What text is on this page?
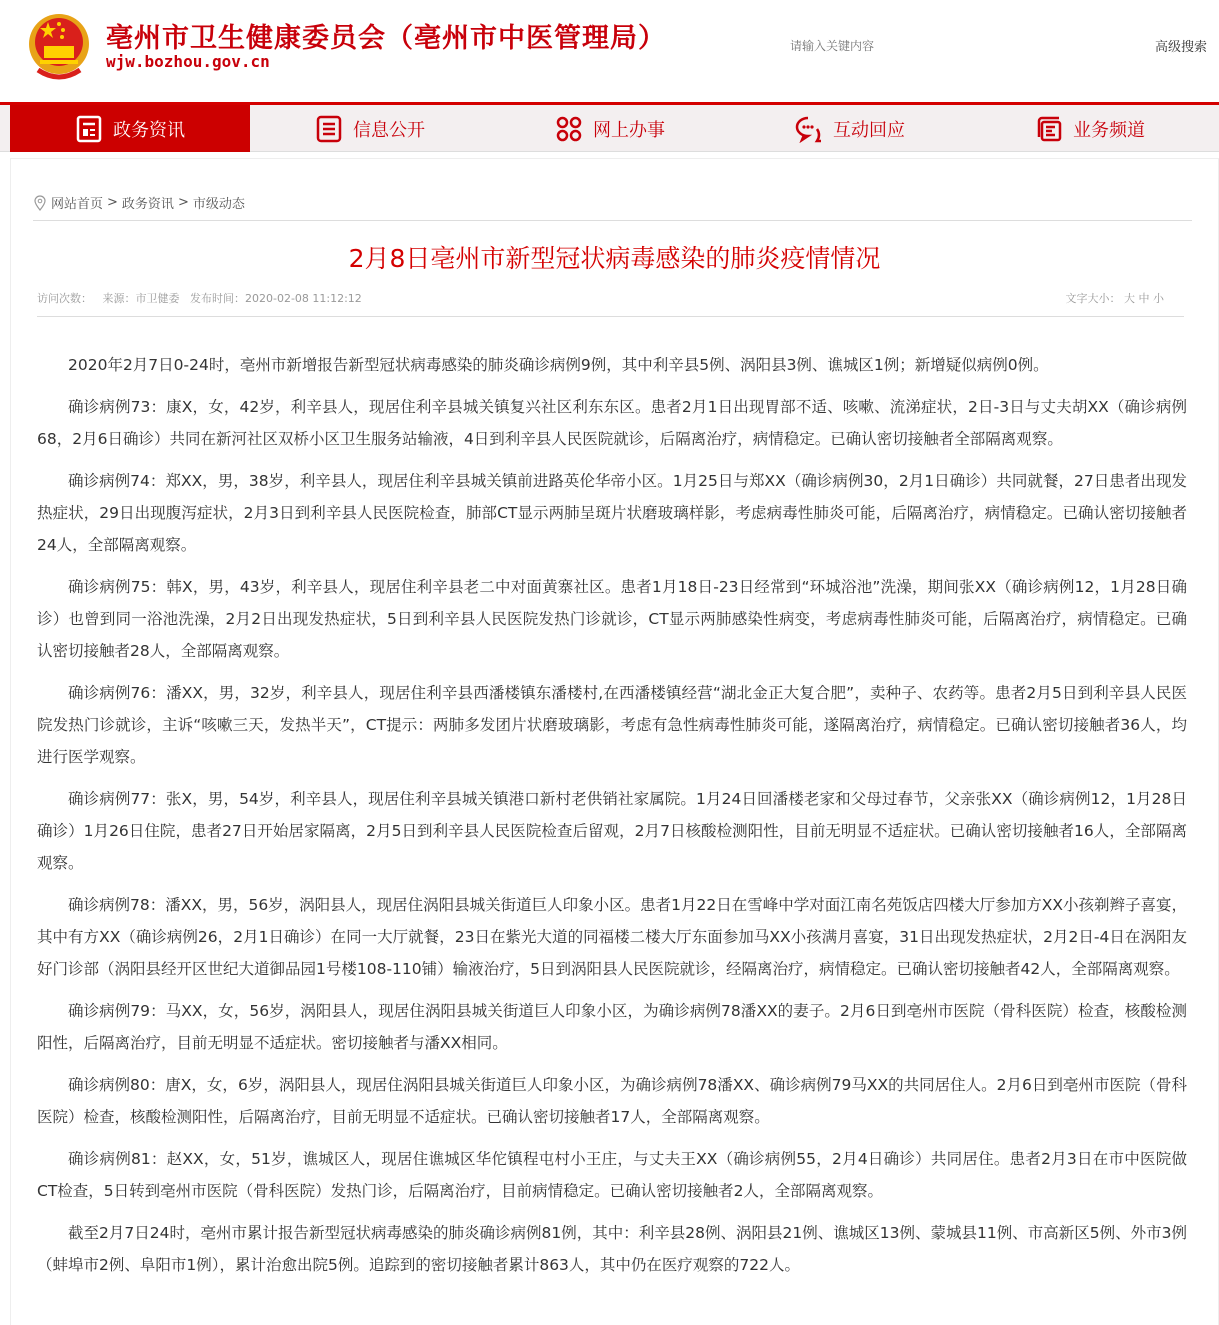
亳州市卫生健康委员会（亳州市中医管理局）
wjw.bozhou.gov.cn
请输入关键内容
高级搜索
政务资讯	信息公开	网上办事	互动回应	业务频道
网站首页 > 政务资讯 > 市级动态
2月8日亳州市新型冠状病毒感染的肺炎疫情情况
访问次数：   来源：市卫健委   发布时间：2020-02-08 11:12:12	文字大小： 大 中 小

2020年2月7日0-24时，亳州市新增报告新型冠状病毒感染的肺炎确诊病例9例，其中利辛县5例、涡阳县3例、谯城区1例；新增疑似病例0例。

确诊病例73：康X，女，42岁，利辛县人，现居住利辛县城关镇复兴社区利东东区。患者2月1日出现胃部不适、咳嗽、流涕症状，2日-3日与丈夫胡XX（确诊病例68，2月6日确诊）共同在新河社区双桥小区卫生服务站输液，4日到利辛县人民医院就诊，后隔离治疗，病情稳定。已确认密切接触者全部隔离观察。

确诊病例74：郑XX，男，38岁，利辛县人，现居住利辛县城关镇前进路英伦华帝小区。1月25日与郑XX（确诊病例30，2月1日确诊）共同就餐，27日患者出现发热症状，29日出现腹泻症状，2月3日到利辛县人民医院检查，肺部CT显示两肺呈斑片状磨玻璃样影，考虑病毒性肺炎可能，后隔离治疗，病情稳定。已确认密切接触者24人，全部隔离观察。

确诊病例75：韩X，男，43岁，利辛县人，现居住利辛县老二中对面黄寨社区。患者1月18日-23日经常到“环城浴池”洗澡，期间张XX（确诊病例12，1月28日确诊）也曾到同一浴池洗澡，2月2日出现发热症状，5日到利辛县人民医院发热门诊就诊，CT显示两肺感染性病变，考虑病毒性肺炎可能，后隔离治疗，病情稳定。已确认密切接触者28人，全部隔离观察。

确诊病例76：潘XX，男，32岁，利辛县人，现居住利辛县西潘楼镇东潘楼村,在西潘楼镇经营“湖北金正大复合肥”，卖种子、农药等。患者2月5日到利辛县人民医院发热门诊就诊，主诉“咳嗽三天，发热半天”，CT提示：两肺多发团片状磨玻璃影，考虑有急性病毒性肺炎可能，遂隔离治疗，病情稳定。已确认密切接触者36人，均进行医学观察。

确诊病例77：张X，男，54岁，利辛县人，现居住利辛县城关镇港口新村老供销社家属院。1月24日回潘楼老家和父母过春节，父亲张XX（确诊病例12，1月28日确诊）1月26日住院，患者27日开始居家隔离，2月5日到利辛县人民医院检查后留观，2月7日核酸检测阳性，目前无明显不适症状。已确认密切接触者16人，全部隔离观察。

确诊病例78：潘XX，男，56岁，涡阳县人，现居住涡阳县城关街道巨人印象小区。患者1月22日在雪峰中学对面江南名苑饭店四楼大厅参加方XX小孩剃辫子喜宴，其中有方XX（确诊病例26，2月1日确诊）在同一大厅就餐，23日在紫光大道的同福楼二楼大厅东面参加马XX小孩满月喜宴，31日出现发热症状，2月2日-4日在涡阳友好门诊部（涡阳县经开区世纪大道御品园1号楼108-110铺）输液治疗，5日到涡阳县人民医院就诊，经隔离治疗，病情稳定。已确认密切接触者42人，全部隔离观察。

确诊病例79：马XX，女，56岁，涡阳县人，现居住涡阳县城关街道巨人印象小区，为确诊病例78潘XX的妻子。2月6日到亳州市医院（骨科医院）检查，核酸检测阳性，后隔离治疗，目前无明显不适症状。密切接触者与潘XX相同。

确诊病例80：唐X，女，6岁，涡阳县人，现居住涡阳县城关街道巨人印象小区，为确诊病例78潘XX、确诊病例79马XX的共同居住人。2月6日到亳州市医院（骨科医院）检查，核酸检测阳性，后隔离治疗，目前无明显不适症状。已确认密切接触者17人，全部隔离观察。

确诊病例81：赵XX，女，51岁，谯城区人，现居住谯城区华佗镇程屯村小王庄，与丈夫王XX（确诊病例55，2月4日确诊）共同居住。患者2月3日在市中医院做CT检查，5日转到亳州市医院（骨科医院）发热门诊，后隔离治疗，目前病情稳定。已确认密切接触者2人，全部隔离观察。

截至2月7日24时，亳州市累计报告新型冠状病毒感染的肺炎确诊病例81例，其中：利辛县28例、涡阳县21例、谯城区13例、蒙城县11例、市高新区5例、外市3例（蚌埠市2例、阜阳市1例），累计治愈出院5例。追踪到的密切接触者累计863人，其中仍在医疗观察的722人。
